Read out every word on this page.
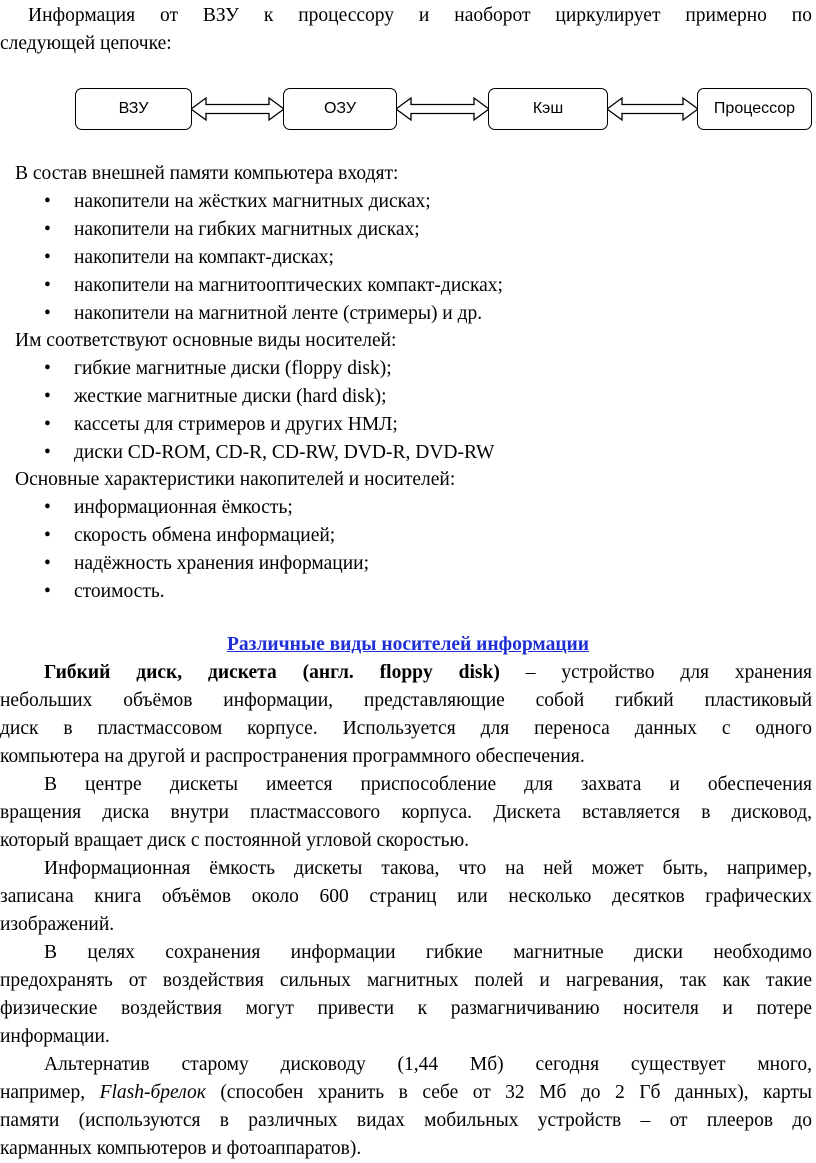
Информация от ВЗУ к процессору и наоборот циркулирует примерно по
следующей цепочке:
ВЗУ	ОЗУ	Кэш	Процессор
В состав внешней памяти компьютера входят:
• накопители на жёстких магнитных дисках;
• накопители на гибких магнитных дисках;
• накопители на компакт-дисках;
• накопители на магнитооптических компакт-дисках;
• накопители на магнитной ленте (стримеры) и др.
Им соответствуют основные виды носителей:
• гибкие магнитные диски (floppy disk);
• жесткие магнитные диски (hard disk);
• кассеты для стримеров и других НМЛ;
• диски CD-ROM, CD-R, CD-RW, DVD-R, DVD-RW
Основные характеристики накопителей и носителей:
• информационная ёмкость;
• скорость обмена информацией;
• надёжность хранения информации;
• стоимость.
Различные виды носителей информации
Гибкий диск, дискета (англ. floppy disk) – устройство для хранения
небольших объёмов информации, представляющие собой гибкий пластиковый
диск в пластмассовом корпусе. Используется для переноса данных с одного
компьютера на другой и распространения программного обеспечения.
В центре дискеты имеется приспособление для захвата и обеспечения
вращения диска внутри пластмассового корпуса. Дискета вставляется в дисковод,
который вращает диск с постоянной угловой скоростью.
Информационная ёмкость дискеты такова, что на ней может быть, например,
записана книга объёмов около 600 страниц или несколько десятков графических
изображений.
В целях сохранения информации гибкие магнитные диски необходимо
предохранять от воздействия сильных магнитных полей и нагревания, так как такие
физические воздействия могут привести к размагничиванию носителя и потере
информации.
Альтернатив старому дисководу (1,44 Мб) сегодня существует много,
например, Flash-брелок (способен хранить в себе от 32 Мб до 2 Гб данных), карты
памяти (используются в различных видах мобильных устройств – от плееров до
карманных компьютеров и фотоаппаратов).
